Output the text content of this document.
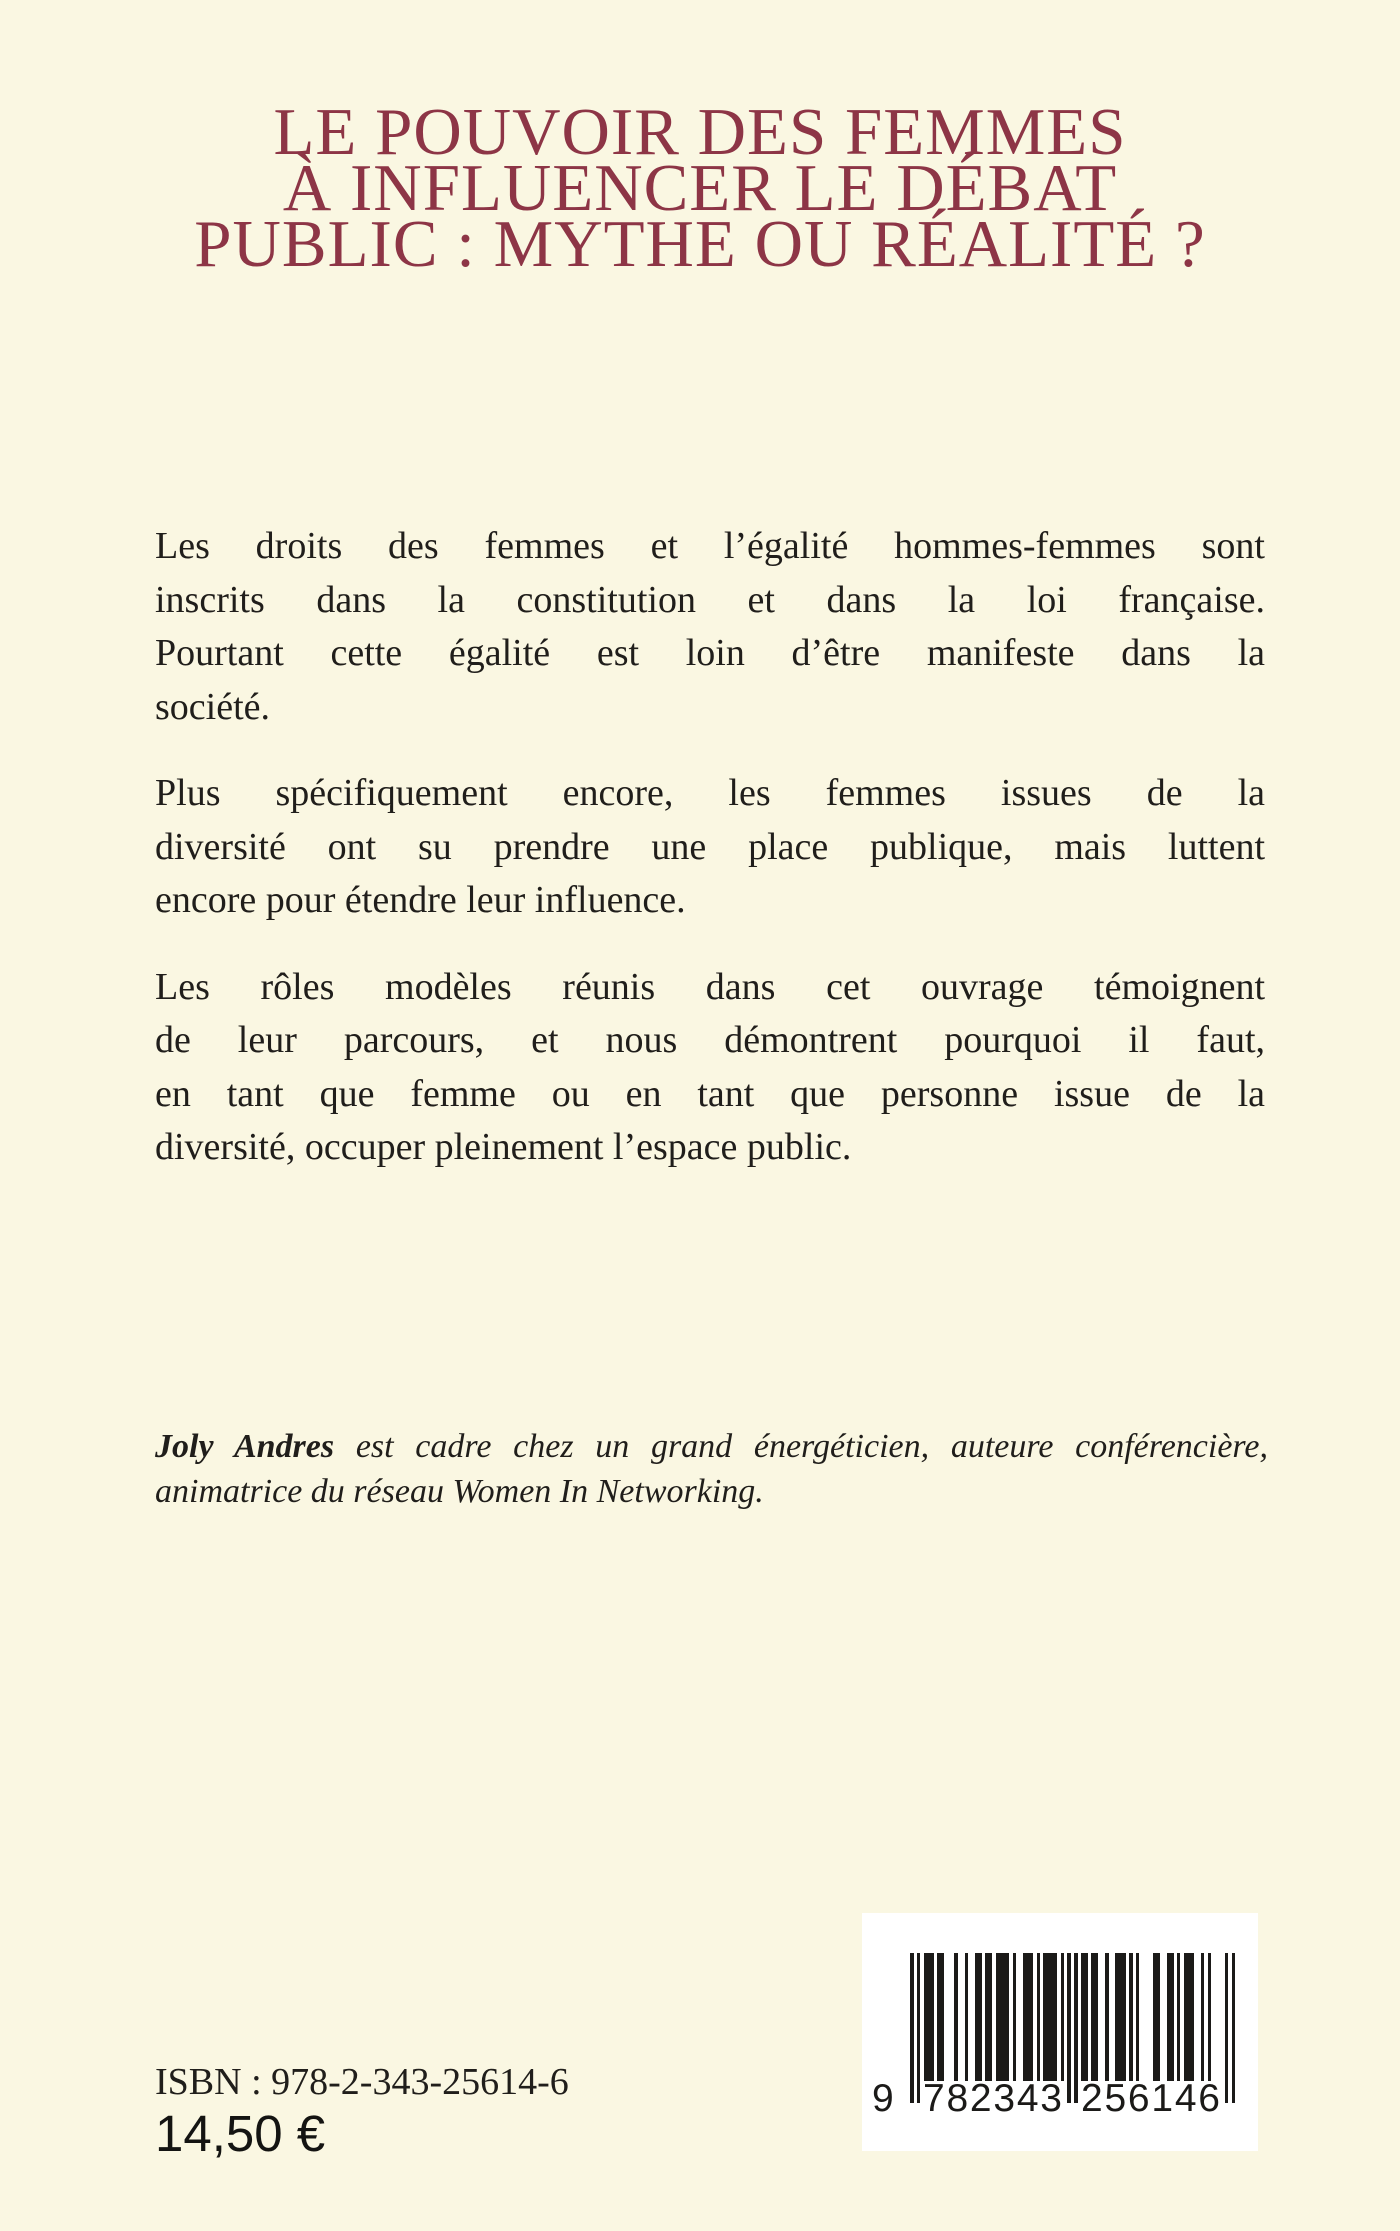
LE POUVOIR DES FEMMES
À INFLUENCER LE DÉBAT
PUBLIC : MYTHE OU RÉALITÉ ?
Les droits des femmes et l’égalité hommes-femmes sont
inscrits dans la constitution et dans la loi française.
Pourtant cette égalité est loin d’être manifeste dans la
société.
Plus spécifiquement encore, les femmes issues de la
diversité ont su prendre une place publique, mais luttent
encore pour étendre leur influence.
Les rôles modèles réunis dans cet ouvrage témoignent
de leur parcours, et nous démontrent pourquoi il faut,
en tant que femme ou en tant que personne issue de la
diversité, occuper pleinement l’espace public.
Joly Andres est cadre chez un grand énergéticien, auteure conférencière,
animatrice du réseau Women In Networking.
ISBN : 978-2-343-25614-6
14,50 €
9 7 8 2 3 4 3 2 5 6 1 4 6
